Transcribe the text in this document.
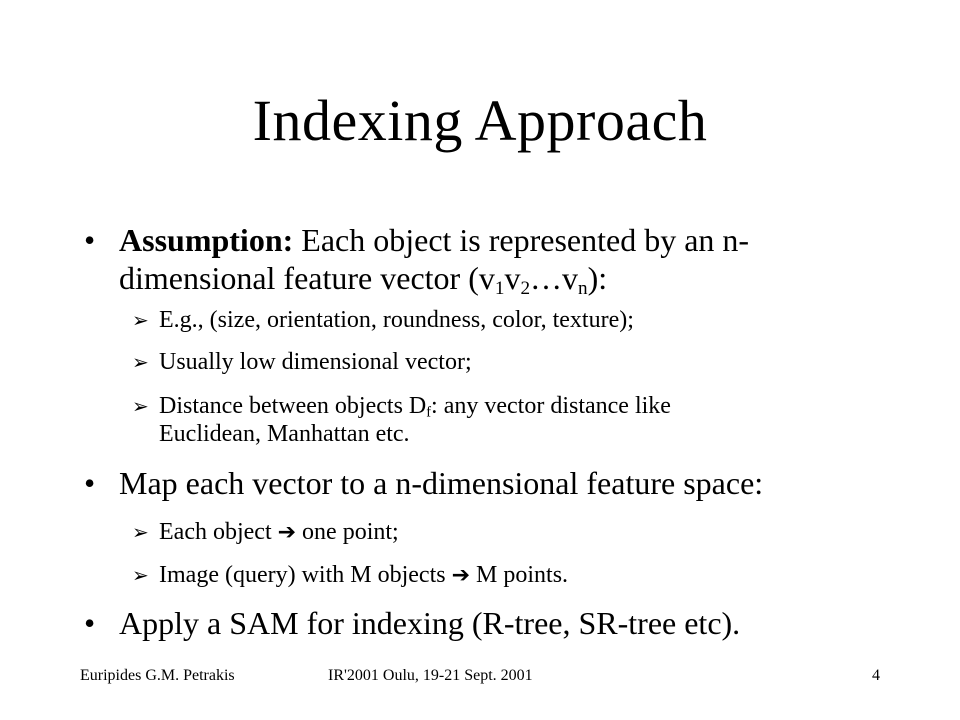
Indexing Approach
• Assumption: Each object is represented by an n-
dimensional feature vector $(v_1v_2\dots v_n)$:
➢ E.g., (size, orientation, roundness, color, texture);
➢ Usually low dimensional vector;
➢ Distance between objects $D_f$: any vector distance like
Euclidean, Manhattan etc.
• Map each vector to a n-dimensional feature space:
➢ Each object ➔ one point;
➢ Image (query) with M objects ➔ M points.
• Apply a SAM for indexing (R-tree, SR-tree etc).
Euripides G.M. Petrakis	IR'2001 Oulu, 19-21 Sept. 2001	4
